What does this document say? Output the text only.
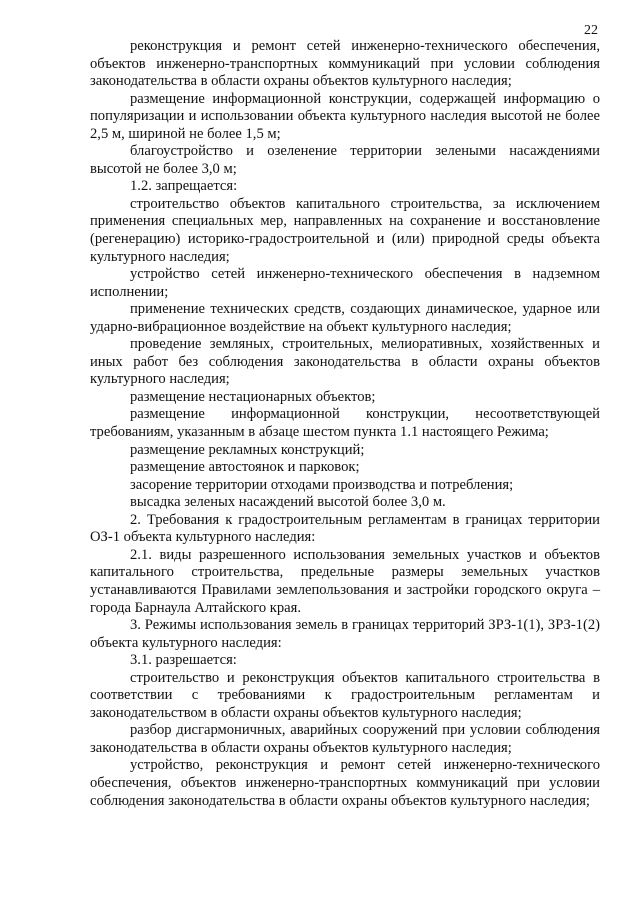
22

реконструкция и ремонт сетей инженерно-технического обеспечения, объектов инженерно-транспортных коммуникаций при условии соблюдения законодательства в области охраны объектов культурного наследия;

размещение информационной конструкции, содержащей информацию о популяризации и использовании объекта культурного наследия высотой не более 2,5 м, шириной не более 1,5 м;

благоустройство и озеленение территории зелеными насаждениями высотой не более 3,0 м;

1.2. запрещается:

строительство объектов капитального строительства, за исключением применения специальных мер, направленных на сохранение и восстановление (регенерацию) историко-градостроительной и (или) природной среды объекта культурного наследия;

устройство сетей инженерно-технического обеспечения в надземном исполнении;

применение технических средств, создающих динамическое, ударное или ударно-вибрационное воздействие на объект культурного наследия;

проведение земляных, строительных, мелиоративных, хозяйственных и иных работ без соблюдения законодательства в области охраны объектов культурного наследия;

размещение нестационарных объектов;

размещение информационной конструкции, несоответствующей требованиям, указанным в абзаце шестом пункта 1.1 настоящего Режима;

размещение рекламных конструкций;

размещение автостоянок и парковок;

засорение территории отходами производства и потребления;

высадка зеленых насаждений высотой более 3,0 м.

2. Требования к градостроительным регламентам в границах территории ОЗ-1 объекта культурного наследия:

2.1. виды разрешенного использования земельных участков и объектов капитального строительства, предельные размеры земельных участков устанавливаются Правилами землепользования и застройки городского округа – города Барнаула Алтайского края.

3. Режимы использования земель в границах территорий ЗРЗ-1(1), ЗРЗ-1(2) объекта культурного наследия:

3.1. разрешается:

строительство и реконструкция объектов капитального строительства в соответствии с требованиями к градостроительным регламентам и законодательством в области охраны объектов культурного наследия;

разбор дисгармоничных, аварийных сооружений при условии соблюдения законодательства в области охраны объектов культурного наследия;

устройство, реконструкция и ремонт сетей инженерно-технического обеспечения, объектов инженерно-транспортных коммуникаций при условии соблюдения законодательства в области охраны объектов культурного наследия;
